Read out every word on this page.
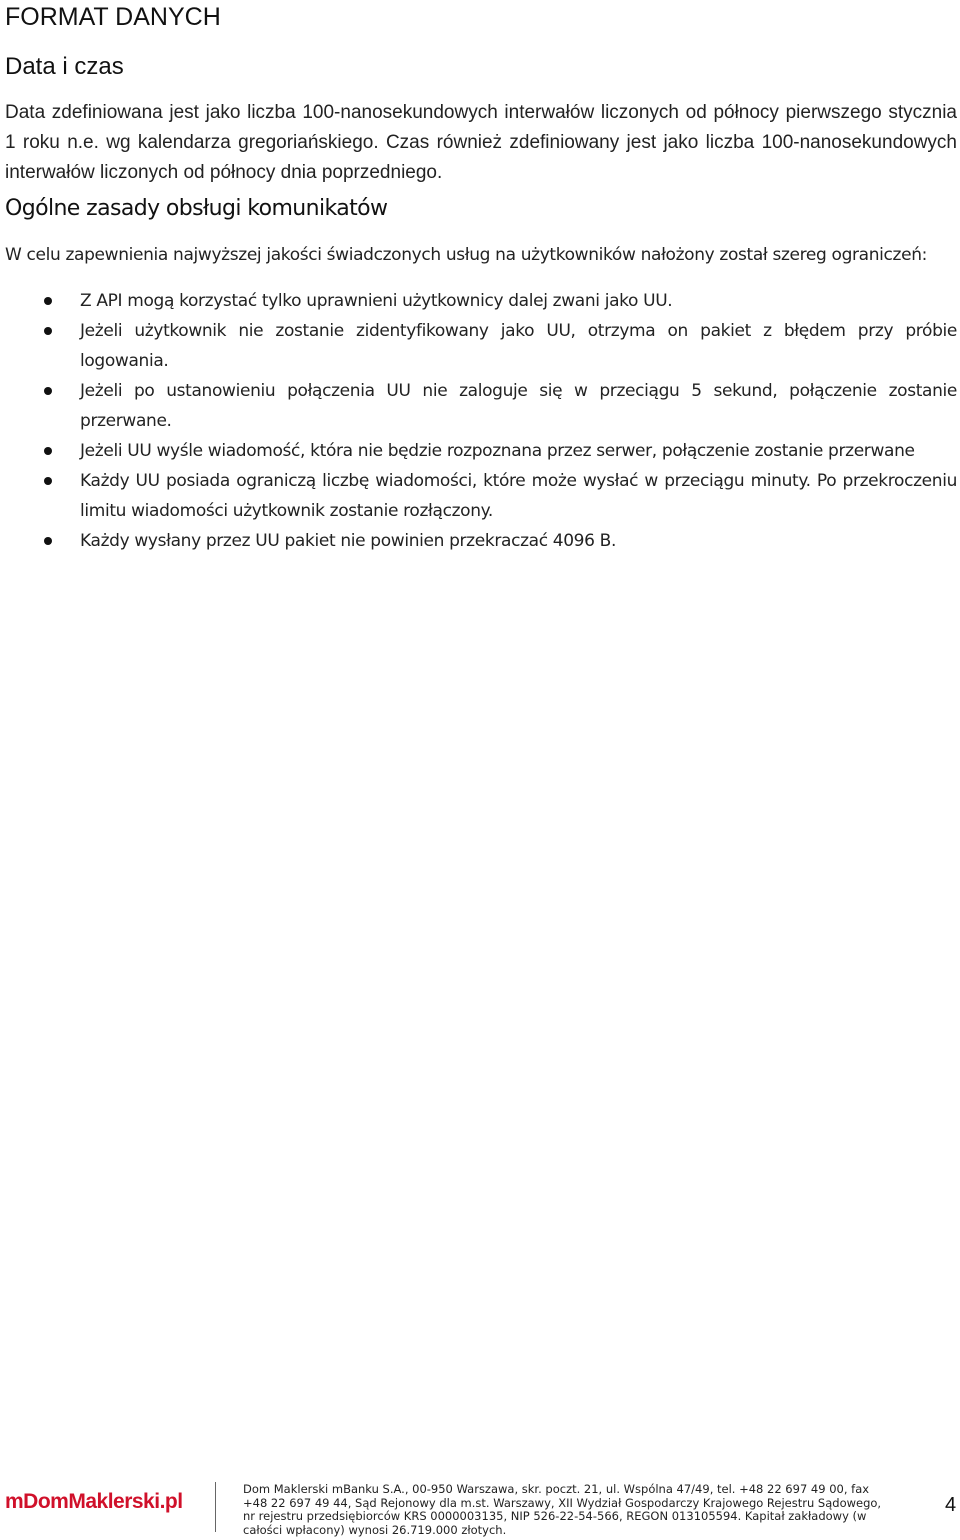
FORMAT DANYCH
Data i czas

Data zdefiniowana jest jako liczba 100-nanosekundowych interwałów liczonych od północy pierwszego stycznia 1 roku n.e. wg kalendarza gregoriańskiego. Czas również zdefiniowany jest jako liczba 100-nanosekundowych interwałów liczonych od północy dnia poprzedniego.

Ogólne zasady obsługi komunikatów

W celu zapewnienia najwyższej jakości świadczonych usług na użytkowników nałożony został szereg ograniczeń:

Z API mogą korzystać tylko uprawnieni użytkownicy dalej zwani jako UU.
Jeżeli użytkownik nie zostanie zidentyfikowany jako UU, otrzyma on pakiet z błędem przy próbie logowania.
Jeżeli po ustanowieniu połączenia UU nie zaloguje się w przeciągu 5 sekund, połączenie zostanie przerwane.
Jeżeli UU wyśle wiadomość, która nie będzie rozpoznana przez serwer, połączenie zostanie przerwane
Każdy UU posiada ograniczą liczbę wiadomości, które może wysłać w przeciągu minuty. Po przekroczeniu limitu wiadomości użytkownik zostanie rozłączony.
Każdy wysłany przez UU pakiet nie powinien przekraczać 4096 B.
mDomMaklerski.pl
Dom Maklerski mBanku S.A., 00-950 Warszawa, skr. poczt. 21, ul. Wspólna 47/49, tel. +48 22 697 49 00, fax +48 22 697 49 44, Sąd Rejonowy dla m.st. Warszawy, XII Wydział Gospodarczy Krajowego Rejestru Sądowego, nr rejestru przedsiębiorców KRS 0000003135, NIP 526-22-54-566, REGON 013105594. Kapitał zakładowy (w całości wpłacony) wynosi 26.719.000 złotych.
4
